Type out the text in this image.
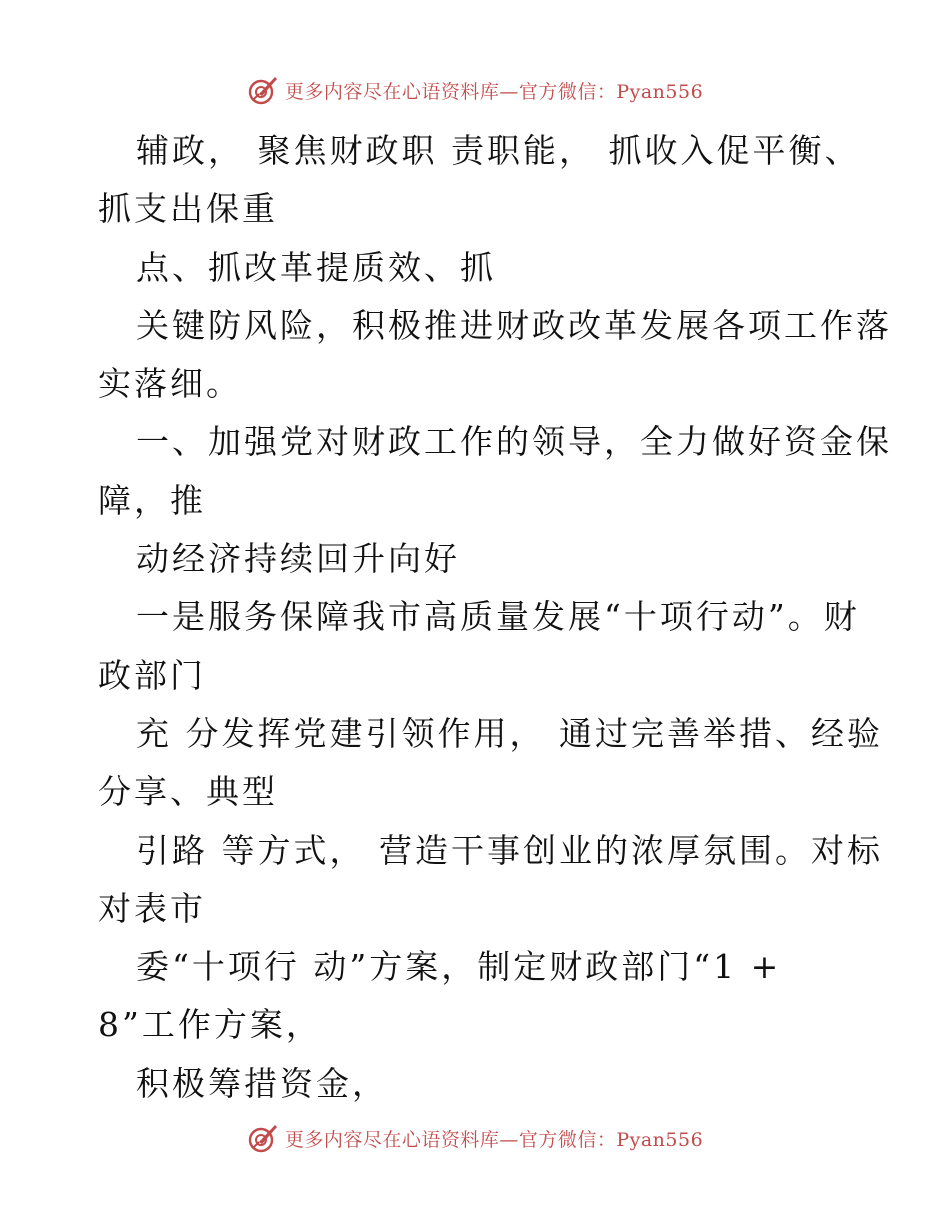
更多内容尽在心语资料库—官方微信：Pyan556
辅政， 聚焦财政职 责职能， 抓收入促平衡、
抓支出保重
点、抓改革提质效、抓
关键防风险，积极推进财政改革发展各项工作落
实落细。
一、加强党对财政工作的领导，全力做好资金保
障，推
动经济持续回升向好
一是服务保障我市高质量发展“十项行动”。财
政部门
充 分发挥党建引领作用， 通过完善举措、经验
分享、典型
引路 等方式， 营造干事创业的浓厚氛围。对标
对表市
委“十项行 动”方案，制定财政部门“1 +
8”工作方案，
积极筹措资金，
更多内容尽在心语资料库—官方微信：Pyan556
